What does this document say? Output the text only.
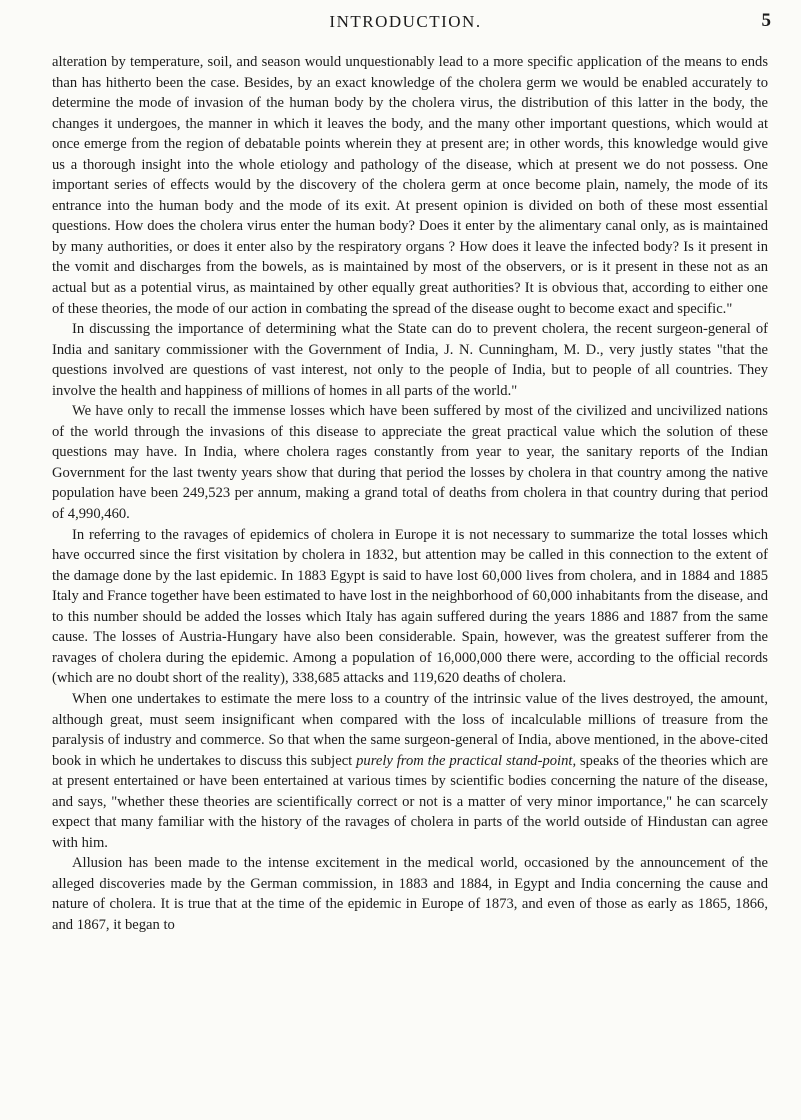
INTRODUCTION.	5

alteration by temperature, soil, and season would unquestionably lead to a more specific application of the means to ends than has hitherto been the case. Besides, by an exact knowledge of the cholera germ we would be enabled accurately to determine the mode of invasion of the human body by the cholera virus, the distribution of this latter in the body, the changes it undergoes, the manner in which it leaves the body, and the many other important questions, which would at once emerge from the region of debatable points wherein they at present are; in other words, this knowledge would give us a thorough insight into the whole etiology and pathology of the disease, which at present we do not possess. One important series of effects would by the discovery of the cholera germ at once become plain, namely, the mode of its entrance into the human body and the mode of its exit. At present opinion is divided on both of these most essential questions. How does the cholera virus enter the human body? Does it enter by the alimentary canal only, as is maintained by many authorities, or does it enter also by the respiratory organs ? How does it leave the infected body? Is it present in the vomit and discharges from the bowels, as is maintained by most of the observers, or is it present in these not as an actual but as a potential virus, as maintained by other equally great authorities? It is obvious that, according to either one of these theories, the mode of our action in combating the spread of the disease ought to become exact and specific."

In discussing the importance of determining what the State can do to prevent cholera, the recent surgeon-general of India and sanitary commissioner with the Government of India, J. N. Cunningham, M. D., very justly states "that the questions involved are questions of vast interest, not only to the people of India, but to people of all countries. They involve the health and happiness of millions of homes in all parts of the world."

We have only to recall the immense losses which have been suffered by most of the civilized and uncivilized nations of the world through the invasions of this disease to appreciate the great practical value which the solution of these questions may have. In India, where cholera rages constantly from year to year, the sanitary reports of the Indian Government for the last twenty years show that during that period the losses by cholera in that country among the native population have been 249,523 per annum, making a grand total of deaths from cholera in that country during that period of 4,990,460.

In referring to the ravages of epidemics of cholera in Europe it is not necessary to summarize the total losses which have occurred since the first visitation by cholera in 1832, but attention may be called in this connection to the extent of the damage done by the last epidemic. In 1883 Egypt is said to have lost 60,000 lives from cholera, and in 1884 and 1885 Italy and France together have been estimated to have lost in the neighborhood of 60,000 inhabitants from the disease, and to this number should be added the losses which Italy has again suffered during the years 1886 and 1887 from the same cause. The losses of Austria-Hungary have also been considerable. Spain, however, was the greatest sufferer from the ravages of cholera during the epidemic. Among a population of 16,000,000 there were, according to the official records (which are no doubt short of the reality), 338,685 attacks and 119,620 deaths of cholera.

When one undertakes to estimate the mere loss to a country of the intrinsic value of the lives destroyed, the amount, although great, must seem insignificant when compared with the loss of incalculable millions of treasure from the paralysis of industry and commerce. So that when the same surgeon-general of India, above mentioned, in the above-cited book in which he undertakes to discuss this subject purely from the practical stand-point, speaks of the theories which are at present entertained or have been entertained at various times by scientific bodies concerning the nature of the disease, and says, "whether these theories are scientifically correct or not is a matter of very minor importance," he can scarcely expect that many familiar with the history of the ravages of cholera in parts of the world outside of Hindustan can agree with him.

Allusion has been made to the intense excitement in the medical world, occasioned by the announcement of the alleged discoveries made by the German commission, in 1883 and 1884, in Egypt and India concerning the cause and nature of cholera. It is true that at the time of the epidemic in Europe of 1873, and even of those as early as 1865, 1866, and 1867, it began to
